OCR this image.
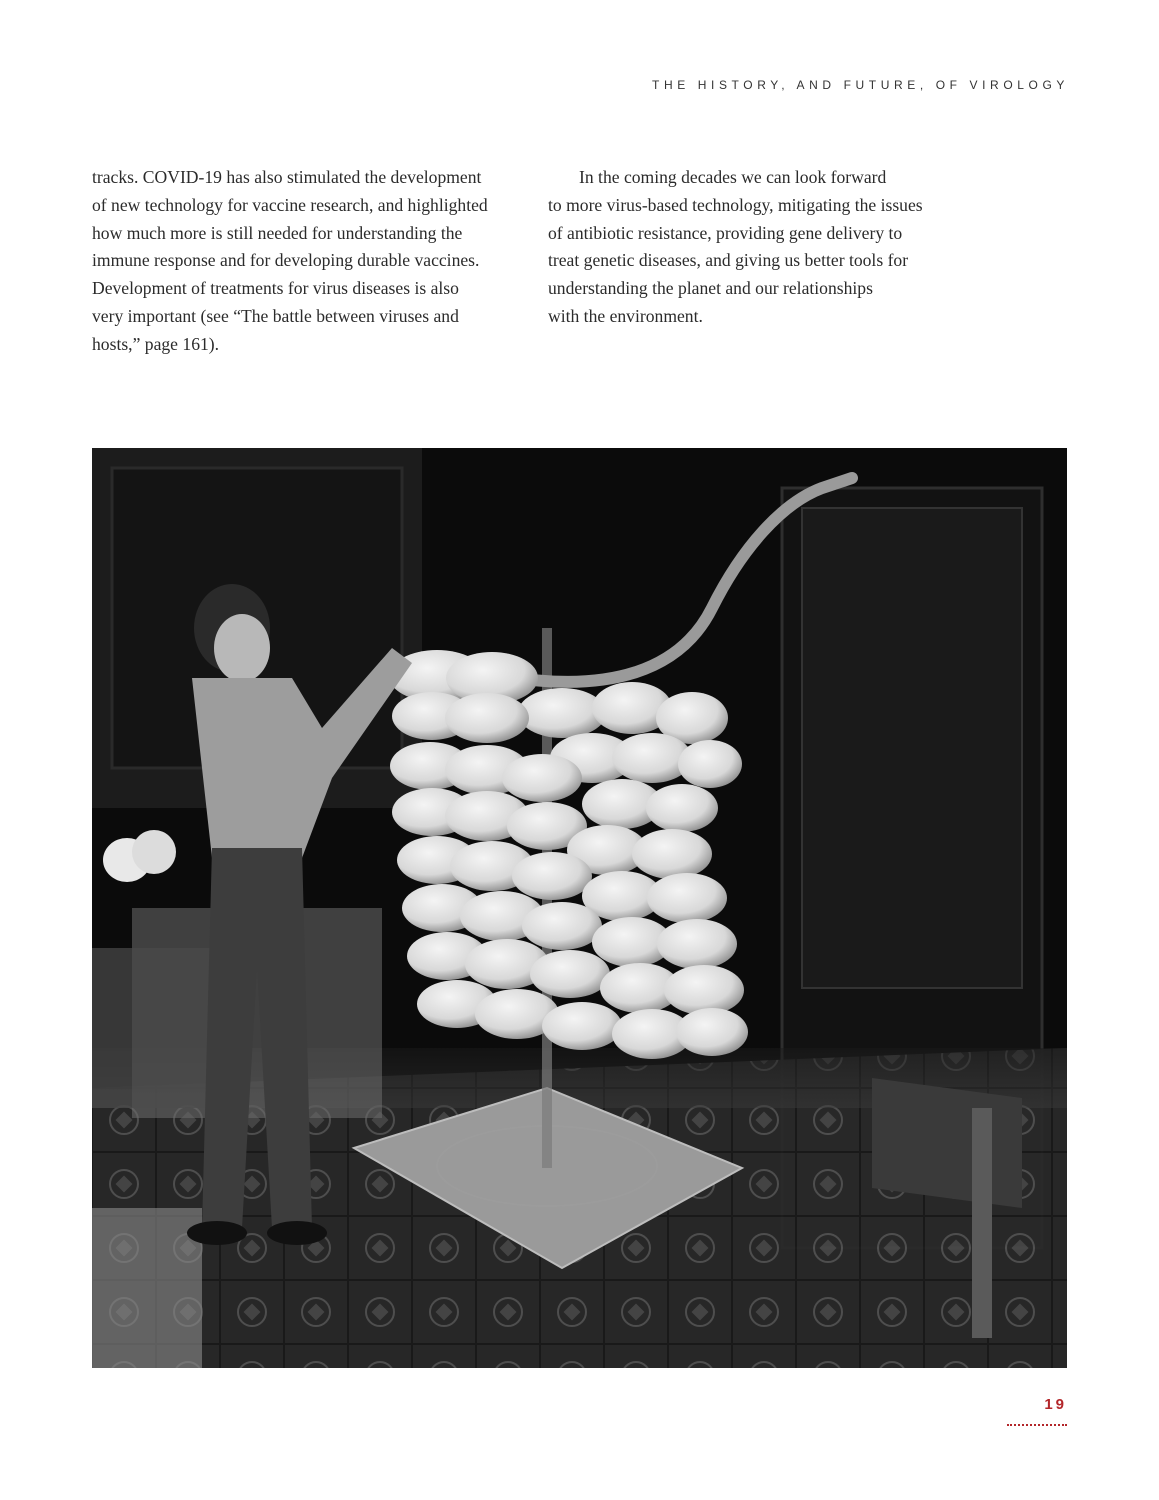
THE HISTORY, AND FUTURE, OF VIROLOGY

tracks. COVID-19 has also stimulated the development
of new technology for vaccine research, and highlighted
how much more is still needed for understanding the
immune response and for developing durable vaccines.
Development of treatments for virus diseases is also
very important (see “The battle between viruses and
hosts,” page 161).

In the coming decades we can look forward
to more virus-based technology, mitigating the issues
of antibiotic resistance, providing gene delivery to
treat genetic diseases, and giving us better tools for
understanding the planet and our relationships
with the environment.

19
